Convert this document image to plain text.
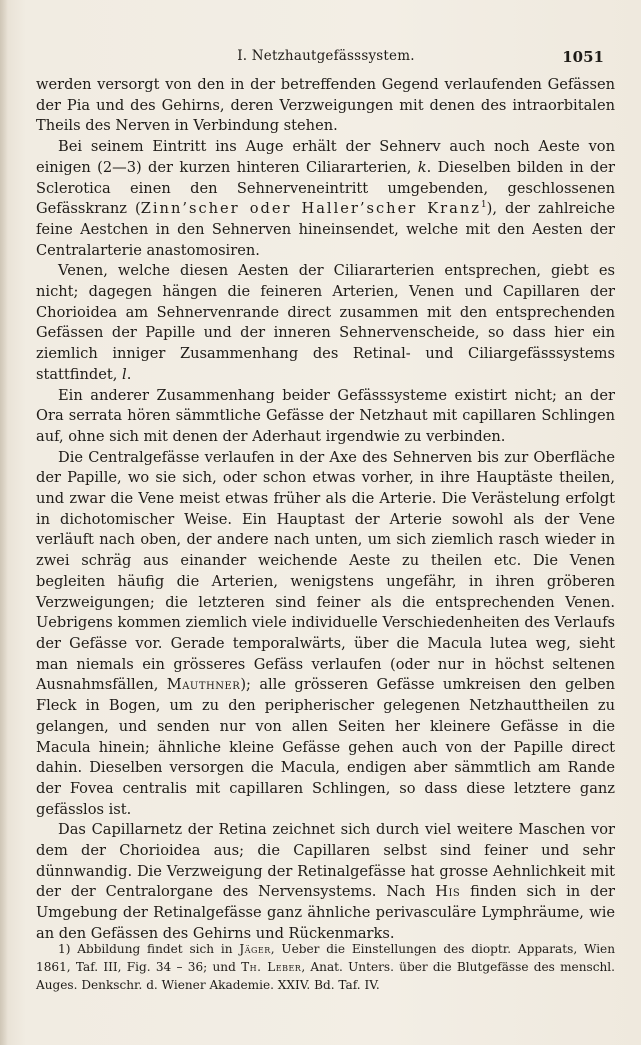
I. Netzhautgefässsystem.	1051

werden versorgt von den in der betreffenden Gegend verlaufenden Gefässen der Pia und des Gehirns, deren Verzweigungen mit denen des intraorbitalen Theils des Nerven in Verbindung stehen.

Bei seinem Eintritt ins Auge erhält der Sehnerv auch noch Aeste von einigen (2—3) der kurzen hinteren Ciliararterien, k. Dieselben bilden in der Sclerotica einen den Sehnerveneintritt umgebenden, geschlossenen Gefässkranz (Zinn’scher oder Haller’scher Kranz$^1$), der zahlreiche feine Aestchen in den Sehnerven hineinsendet, welche mit den Aesten der Centralarterie anastomosiren.

Venen, welche diesen Aesten der Ciliararterien entsprechen, giebt es nicht; dagegen hängen die feineren Arterien, Venen und Capillaren der Chorioidea am Sehnervenrande direct zusammen mit den entsprechenden Gefässen der Papille und der inneren Sehnervenscheide, so dass hier ein ziemlich inniger Zusammenhang des Retinal- und Ciliargefässsystems stattfindet, l.

Ein anderer Zusammenhang beider Gefässsysteme existirt nicht; an der Ora serrata hören sämmtliche Gefässe der Netzhaut mit capillaren Schlingen auf, ohne sich mit denen der Aderhaut irgendwie zu verbinden.

Die Centralgefässe verlaufen in der Axe des Sehnerven bis zur Oberfläche der Papille, wo sie sich, oder schon etwas vorher, in ihre Hauptäste theilen, und zwar die Vene meist etwas früher als die Arterie. Die Verästelung erfolgt in dichotomischer Weise. Ein Hauptast der Arterie sowohl als der Vene verläuft nach oben, der andere nach unten, um sich ziemlich rasch wieder in zwei schräg aus einander weichende Aeste zu theilen etc. Die Venen begleiten häufig die Arterien, wenigstens ungefähr, in ihren gröberen Verzweigungen; die letzteren sind feiner als die entsprechenden Venen. Uebrigens kommen ziemlich viele individuelle Verschiedenheiten des Verlaufs der Gefässe vor. Gerade temporalwärts, über die Macula lutea weg, sieht man niemals ein grösseres Gefäss verlaufen (oder nur in höchst seltenen Ausnahmsfällen, Mauthner); alle grösseren Gefässe umkreisen den gelben Fleck in Bogen, um zu den peripherischer gelegenen Netzhauttheilen zu gelangen, und senden nur von allen Seiten her kleinere Gefässe in die Macula hinein; ähnliche kleine Gefässe gehen auch von der Papille direct dahin. Dieselben versorgen die Macula, endigen aber sämmtlich am Rande der Fovea centralis mit capillaren Schlingen, so dass diese letztere ganz gefässlos ist.

Das Capillarnetz der Retina zeichnet sich durch viel weitere Maschen vor dem der Chorioidea aus; die Capillaren selbst sind feiner und sehr dünnwandig. Die Verzweigung der Retinalgefässe hat grosse Aehnlichkeit mit der der Centralorgane des Nervensystems. Nach His finden sich in der Umgebung der Retinalgefässe ganz ähnliche perivasculäre Lymphräume, wie an den Gefässen des Gehirns und Rückenmarks.

1) Abbildung findet sich in Jäger, Ueber die Einstellungen des dioptr. Apparats, Wien 1861, Taf. III, Fig. 34 – 36; und Th. Leber, Anat. Unters. über die Blutgefässe des menschl. Auges. Denkschr. d. Wiener Akademie. XXIV. Bd. Taf. IV.
